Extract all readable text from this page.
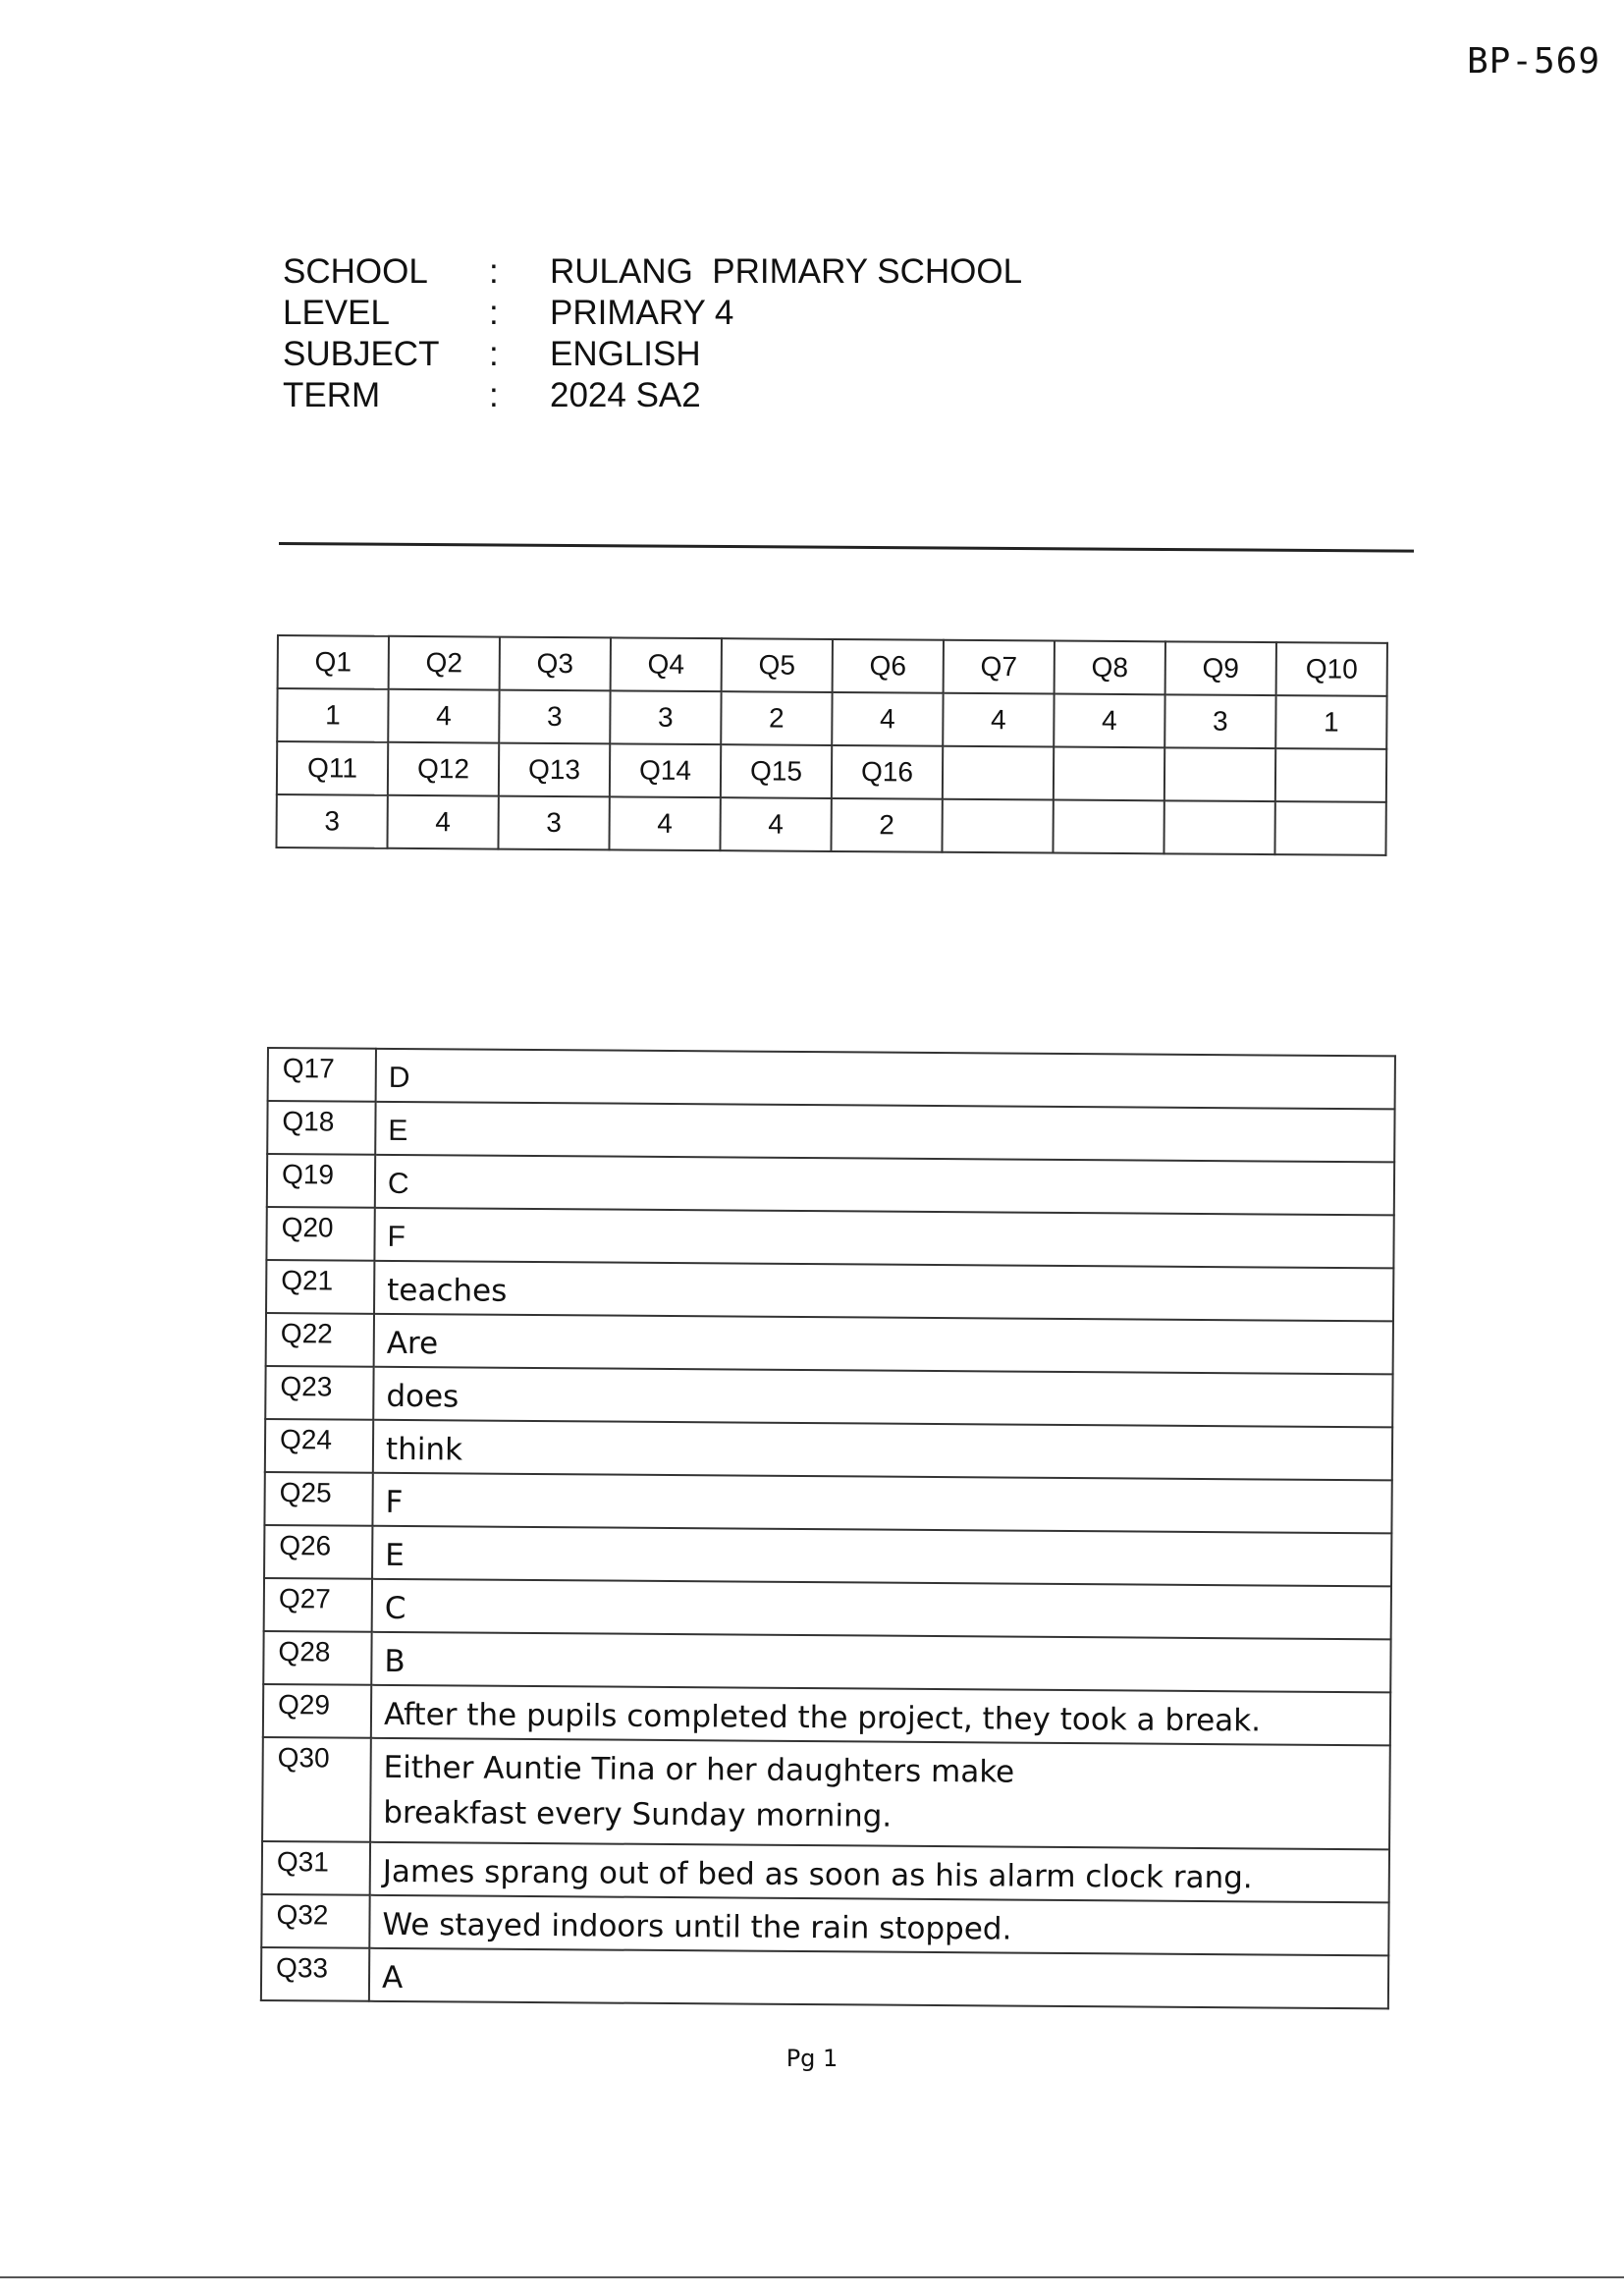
BP-569
SCHOOL	:	RULANG  PRIMARY SCHOOL
LEVEL	:	PRIMARY 4
SUBJECT	:	ENGLISH
TERM	:	2024 SA2
Q1	Q2	Q3	Q4	Q5	Q6	Q7	Q8	Q9	Q10
1	4	3	3	2	4	4	4	3	1
Q11	Q12	Q13	Q14	Q15	Q16				
3	4	3	4	4	2				
Q17	D
Q18	E
Q19	C
Q20	F
Q21	teaches
Q22	Are
Q23	does
Q24	think
Q25	F
Q26	E
Q27	C
Q28	B
Q29	After the pupils completed the project, they took a break.
Q30	Either Auntie Tina or her daughters make breakfast every Sunday morning.
Q31	James sprang out of bed as soon as his alarm clock rang.
Q32	We stayed indoors until the rain stopped.
Q33	A
Pg 1
